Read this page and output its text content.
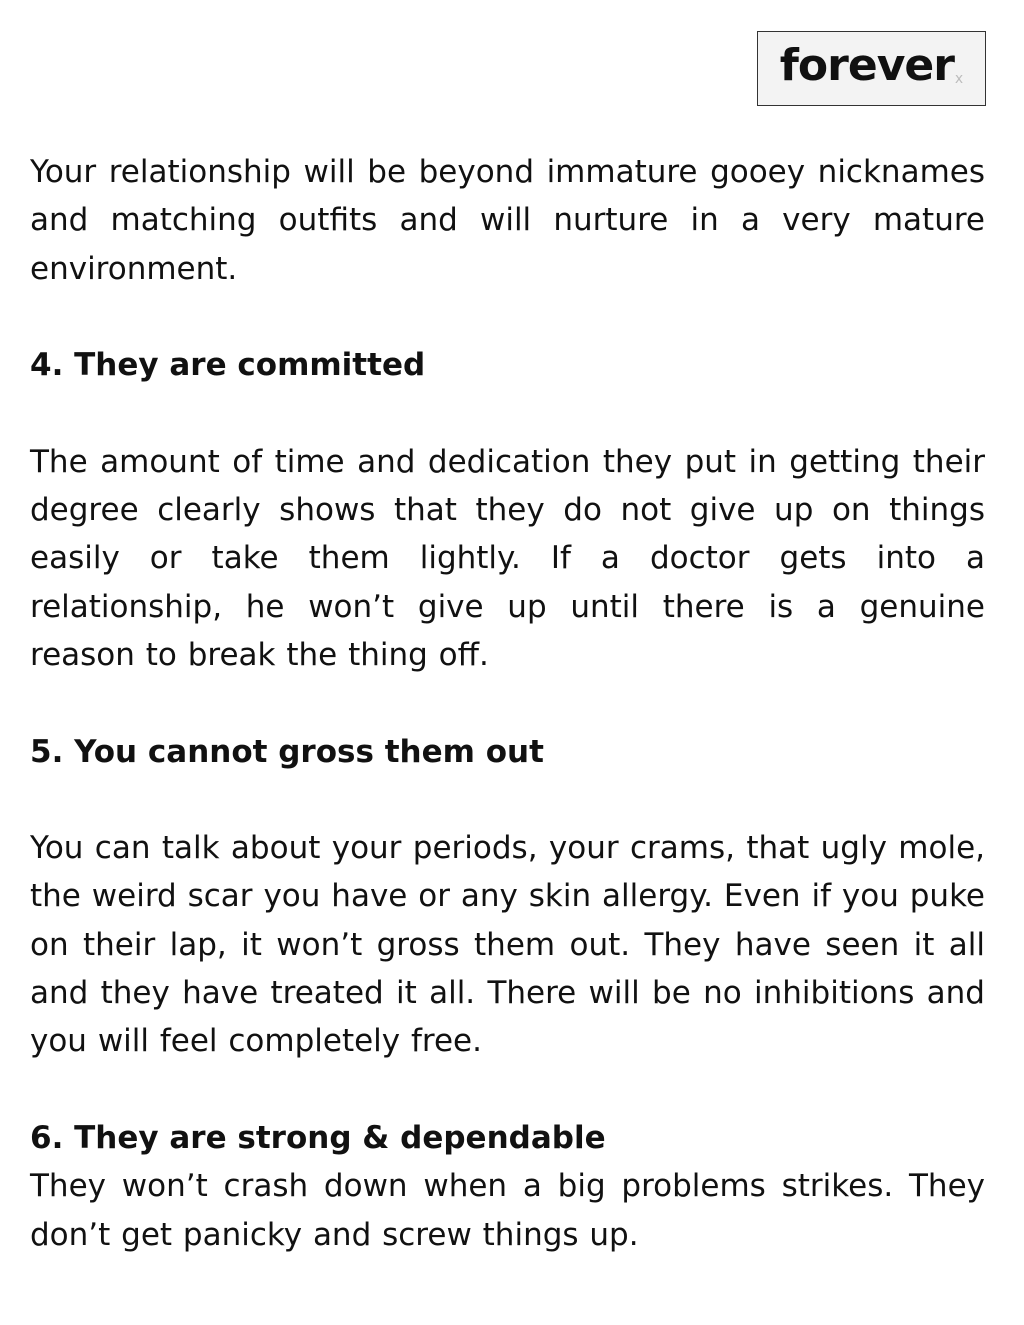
forever x

Your relationship will be beyond immature gooey nicknames and matching outfits and will nurture in a very mature environment.

4. They are committed

The amount of time and dedication they put in getting their degree clearly shows that they do not give up on things easily or take them lightly. If a doctor gets into a relationship, he won’t give up until there is a genuine reason to break the thing off.

5. You cannot gross them out

You can talk about your periods, your crams, that ugly mole, the weird scar you have or any skin allergy. Even if you puke on their lap, it won’t gross them out. They have seen it all and they have treated it all. There will be no inhibitions and you will feel completely free.

6. They are strong & dependable

They won’t crash down when a big problems strikes. They don’t get panicky and screw things up.
